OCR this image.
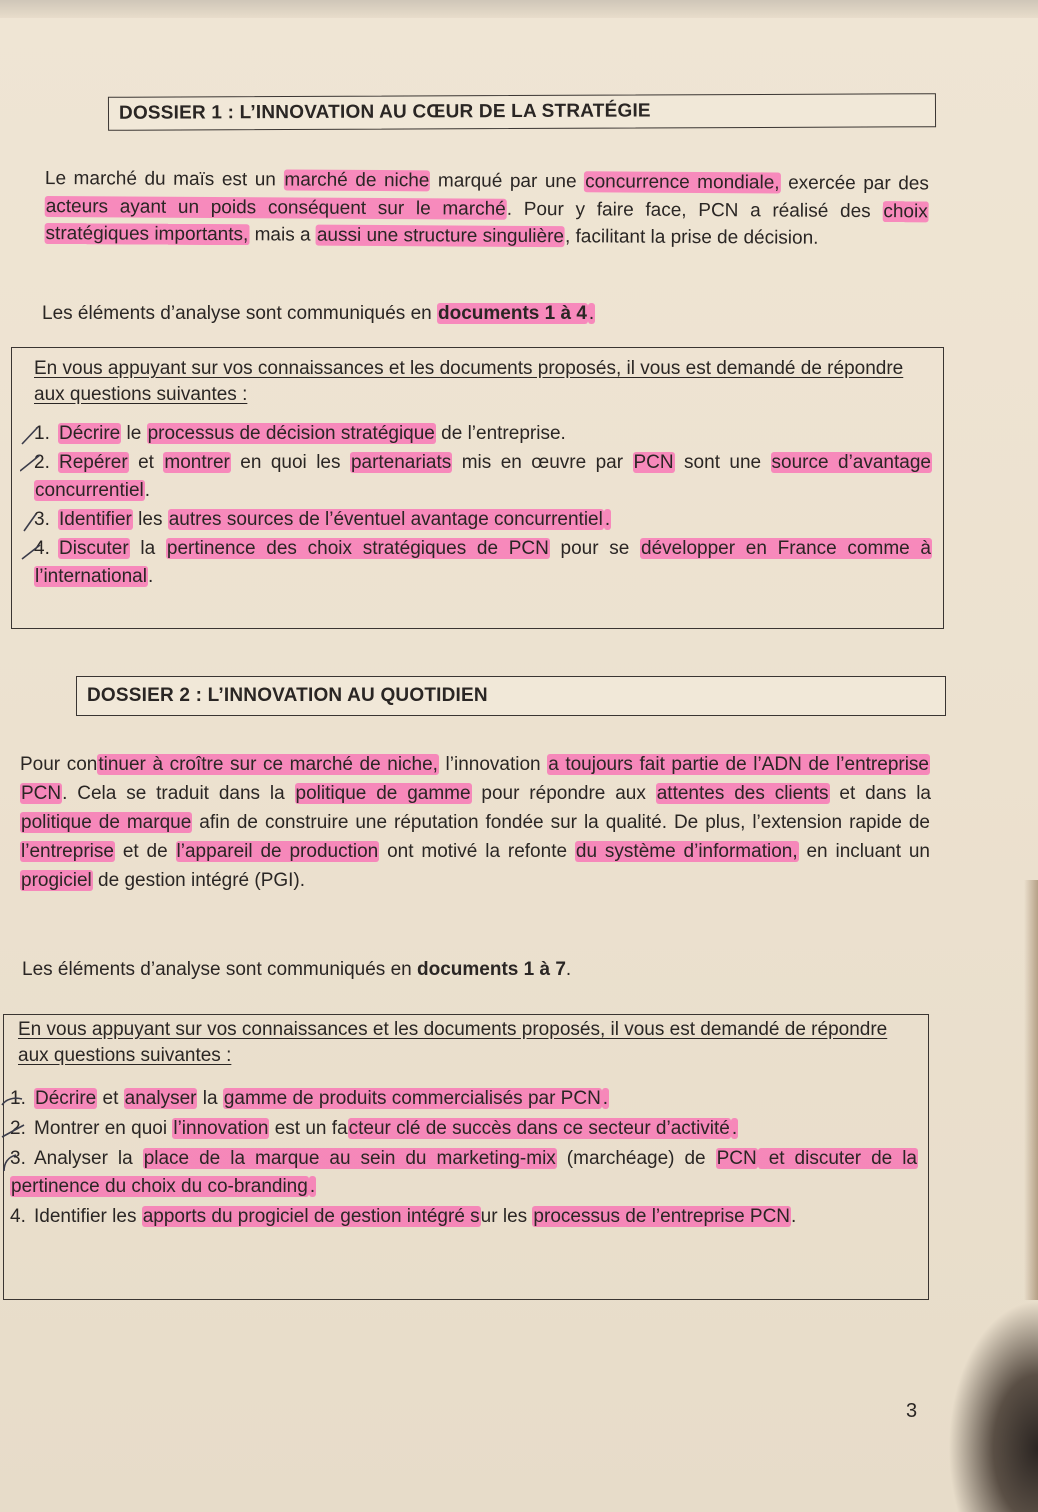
DOSSIER 1 : L’INNOVATION AU CŒUR DE LA STRATÉGIE

Le marché du maïs est un marché de niche marqué par une concurrence mondiale, exercée par des acteurs ayant un poids conséquent sur le marché. Pour y faire face, PCN a réalisé des choix stratégiques importants, mais a aussi une structure singulière, facilitant la prise de décision.

Les éléments d’analyse sont communiqués en documents 1 à 4 .

En vous appuyant sur vos connaissances et les documents proposés, il vous est demandé de répondre aux questions suivantes :

1. Décrire le processus de décision stratégique de l’entreprise.
2. Repérer et montrer en quoi les partenariats mis en œuvre par PCN sont une source d’avantage concurrentiel.
3. Identifier les autres sources de l’éventuel avantage concurrentiel .
4. Discuter la pertinence des choix stratégiques de PCN pour se développer en France comme à l’international.
DOSSIER 2 : L’INNOVATION AU QUOTIDIEN

Pour continuer à croître sur ce marché de niche, l’innovation a toujours fait partie de l’ADN de l’entreprise PCN. Cela se traduit dans la politique de gamme pour répondre aux attentes des clients et dans la politique de marque afin de construire une réputation fondée sur la qualité. De plus, l’extension rapide de l’entreprise et de l’appareil de production ont motivé la refonte du système d’information, en incluant un progiciel de gestion intégré (PGI).

Les éléments d’analyse sont communiqués en documents 1 à 7.

En vous appuyant sur vos connaissances et les documents proposés, il vous est demandé de répondre aux questions suivantes :

1. Décrire et analyser la gamme de produits commercialisés par PCN .
2. Montrer en quoi l’innovation est un facteur clé de succès dans ce secteur d’activité .
3. Analyser la place de la marque au sein du marketing-mix (marchéage) de PCN et discuter de la pertinence du choix du co-branding .
4. Identifier les apports du progiciel de gestion intégré sur les processus de l’entreprise PCN.
3
